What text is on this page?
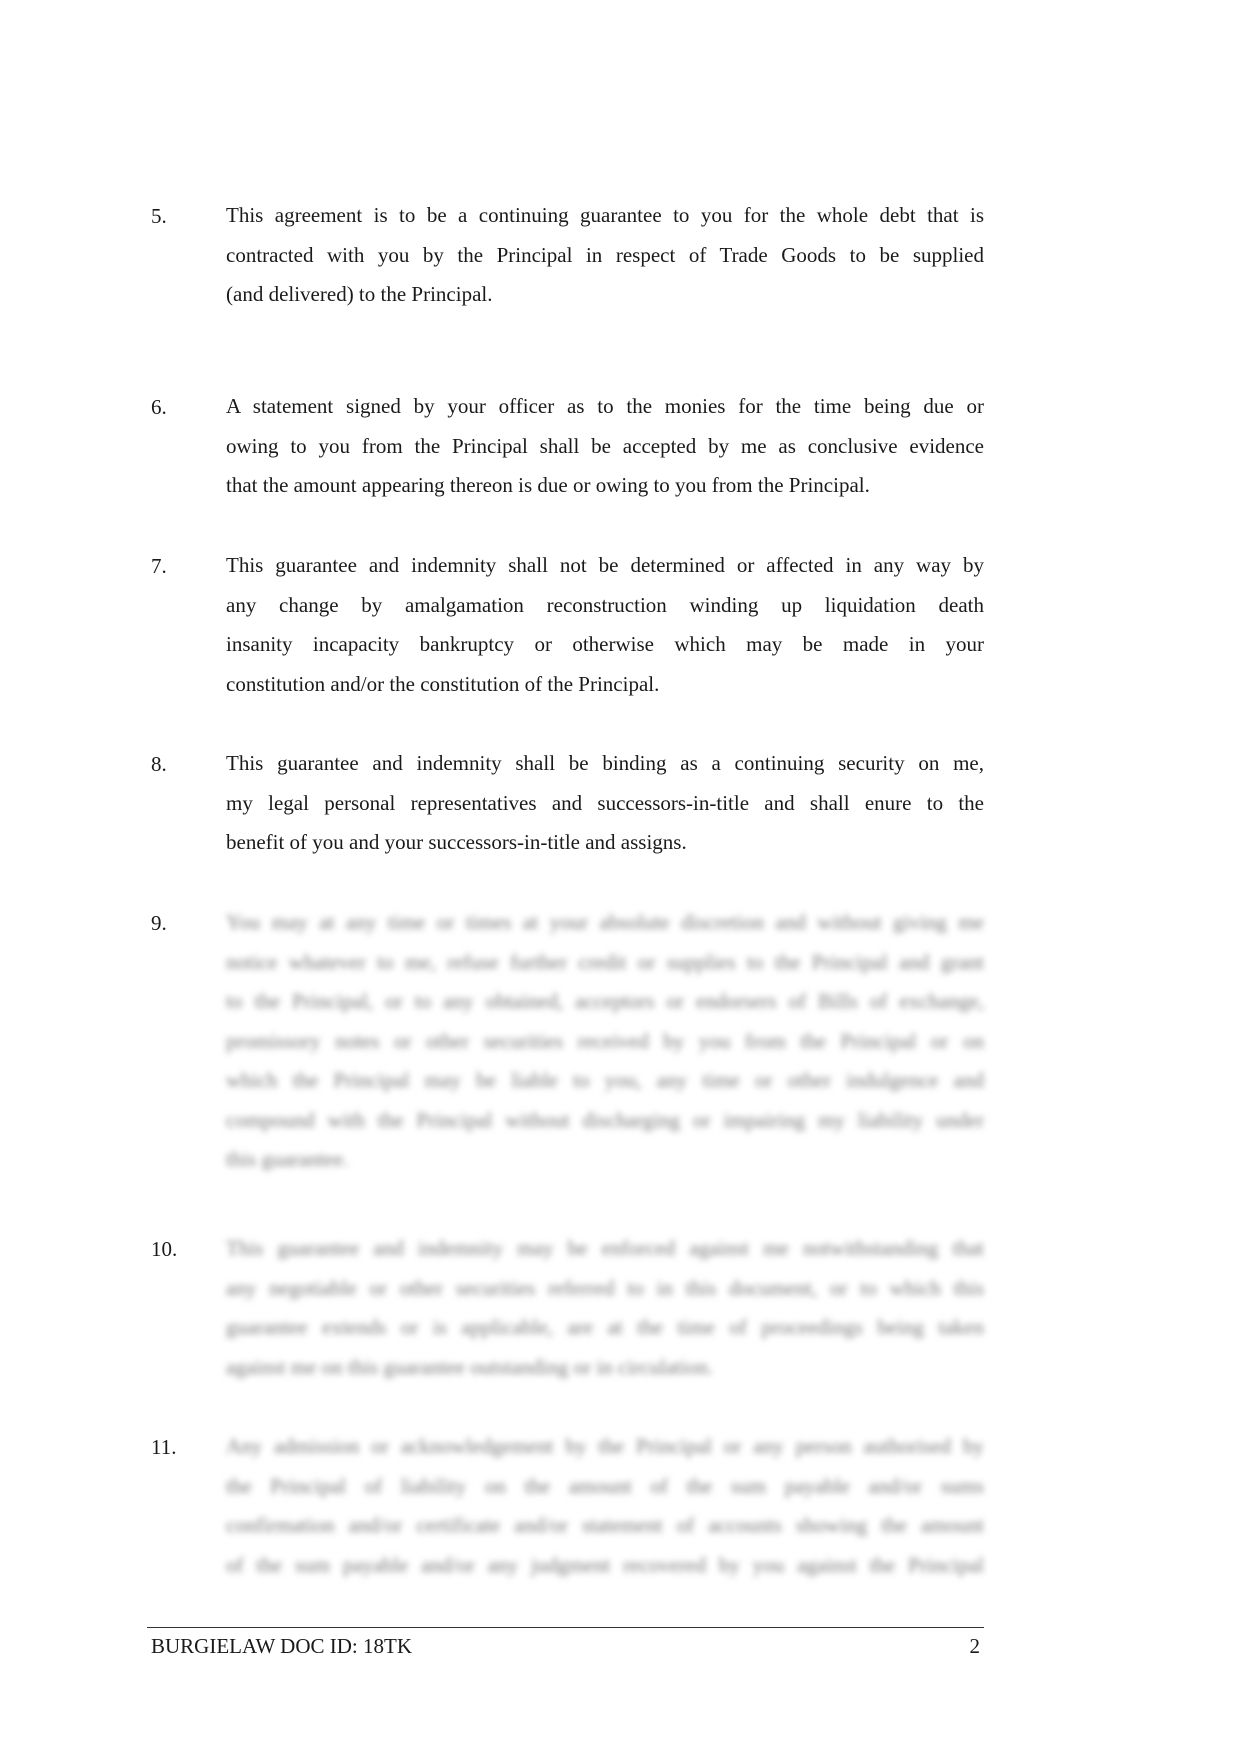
5.	This agreement is to be a continuing guarantee to you for the whole debt that is
contracted with you by the Principal in respect of Trade Goods to be supplied
(and delivered) to the Principal.
6.	A statement signed by your officer as to the monies for the time being due or
owing to you from the Principal shall be accepted by me as conclusive evidence
that the amount appearing thereon is due or owing to you from the Principal.
7.	This guarantee and indemnity shall not be determined or affected in any way by
any change by amalgamation reconstruction winding up liquidation death
insanity incapacity bankruptcy or otherwise which may be made in your
constitution and/or the constitution of the Principal.
8.	This guarantee and indemnity shall be binding as a continuing security on me,
my legal personal representatives and successors-in-title and shall enure to the
benefit of you and your successors-in-title and assigns.
9.	You may at any time or times at your absolute discretion and without giving me
notice whatever to me, refuse further credit or supplies to the Principal and grant
to the Principal, or to any obtained, acceptors or endorsers of Bills of exchange,
promissory notes or other securities received by you from the Principal or on
which the Principal may be liable to you, any time or other indulgence and
compound with the Principal without discharging or impairing my liability under
this guarantee.
10. This guarantee and indemnity may be enforced against me notwithstanding that
any negotiable or other securities referred to in this document, or to which this
guarantee extends or is applicable, are at the time of proceedings being taken
against me on this guarantee outstanding or in circulation.
11. Any admission or acknowledgement by the Principal or any person authorised by
the Principal of liability on the amount of the sum payable and/or sums
confirmation and/or certificate and/or statement of accounts showing the amount
of the sum payable and/or any judgment recovered by you against the Principal
BURGIELAW DOC ID: 18TK	2
